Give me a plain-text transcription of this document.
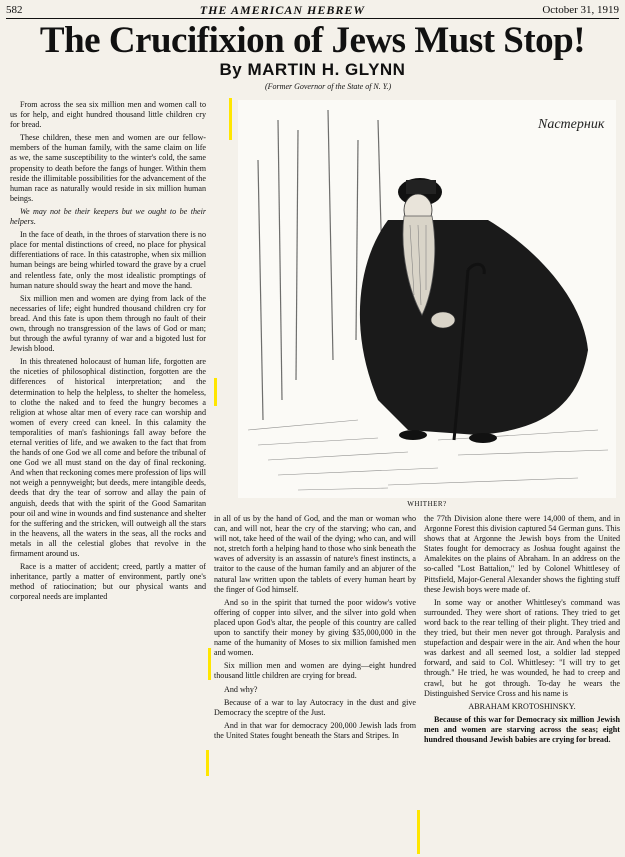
582	THE AMERICAN HEBREW	October 31, 1919
The Crucifixion of Jews Must Stop!
By MARTIN H. GLYNN
(Former Governor of the State of N. Y.)

From across the sea six million men and women call to us for help, and eight hundred thousand little children cry for bread.

These children, these men and women are our fellow-members of the human family, with the same claim on life as we, the same susceptibility to the winter's cold, the same propensity to death before the fangs of hunger. Within them reside the illimitable possibilities for the advancement of the human race as naturally would reside in six million human beings.

We may not be their keepers but we ought to be their helpers.

In the face of death, in the throes of starvation there is no place for mental distinctions of creed, no place for physical differentiations of race. In this catastrophe, when six million human beings are being whirled toward the grave by a cruel and relentless fate, only the most idealistic promptings of human nature should sway the heart and move the hand.

Six million men and women are dying from lack of the necessaries of life; eight hundred thousand children cry for bread. And this fate is upon them through no fault of their own, through no transgression of the laws of God or man; but through the awful tyranny of war and a bigoted lust for Jewish blood.

In this threatened holocaust of human life, forgotten are the niceties of philosophical distinction, forgotten are the differences of historical interpretation; and the determination to help the helpless, to shelter the homeless, to clothe the naked and to feed the hungry becomes a religion at whose altar men of every race can worship and women of every creed can kneel. In this calamity the temporalities of man's fashionings fall away before the eternal verities of life, and we awaken to the fact that from the hands of one God we all come and before the tribunal of one God we all must stand on the day of final reckoning. And when that reckoning comes mere profession of lips will not weigh a pennyweight; but deeds, mere intangible deeds, deeds that dry the tear of sorrow and allay the pain of anguish, deeds that with the spirit of the Good Samaritan pour oil and wine in wounds and find sustenance and shelter for the suffering and the stricken, will outweigh all the stars in the heavens, all the waters in the seas, all the rocks and metals in all the celestial globes that revolve in the firmament around us.

Race is a matter of accident; creed, partly a matter of inheritance, partly a matter of environment, partly one's method of ratiocination; but our physical wants and corporeal needs are implanted

Nacтерник
WHITHER?

in all of us by the hand of God, and the man or woman who can, and will not, hear the cry of the starving; who can, and will not, take heed of the wail of the dying; who can, and will not, stretch forth a helping hand to those who sink beneath the waves of adversity is an assassin of nature's finest instincts, a traitor to the cause of the human family and an abjurer of the natural law written upon the tablets of every human heart by the finger of God himself.

And so in the spirit that turned the poor widow's votive offering of copper into silver, and the silver into gold when placed upon God's altar, the people of this country are called upon to sanctify their money by giving $35,000,000 in the name of the humanity of Moses to six million famished men and women.

Six million men and women are dying—eight hundred thousand little children are crying for bread.

And why?

Because of a war to lay Autocracy in the dust and give Democracy the sceptre of the Just.

And in that war for democracy 200,000 Jewish lads from the United States fought beneath the Stars and Stripes. In

the 77th Division alone there were 14,000 of them, and in Argonne Forest this division captured 54 German guns. This shows that at Argonne the Jewish boys from the United States fought for democracy as Joshua fought against the Amalekites on the plains of Abraham. In an address on the so-called "Lost Battalion," led by Colonel Whittlesey of Pittsfield, Major-General Alexander shows the fighting stuff these Jewish boys were made of.

In some way or another Whittlesey's command was surrounded. They were short of rations. They tried to get word back to the rear telling of their plight. They tried and they tried, but their men never got through. Paralysis and stupefaction and despair were in the air. And when the hour was darkest and all seemed lost, a soldier lad stepped forward, and said to Col. Whittlesey: "I will try to get through." He tried, he was wounded, he had to creep and crawl, but he got through. To-day he wears the Distinguished Service Cross and his name is

ABRAHAM KROTOSHINSKY.

Because of this war for Democracy six million Jewish men and women are starving across the seas; eight hundred thousand Jewish babies are crying for bread.
